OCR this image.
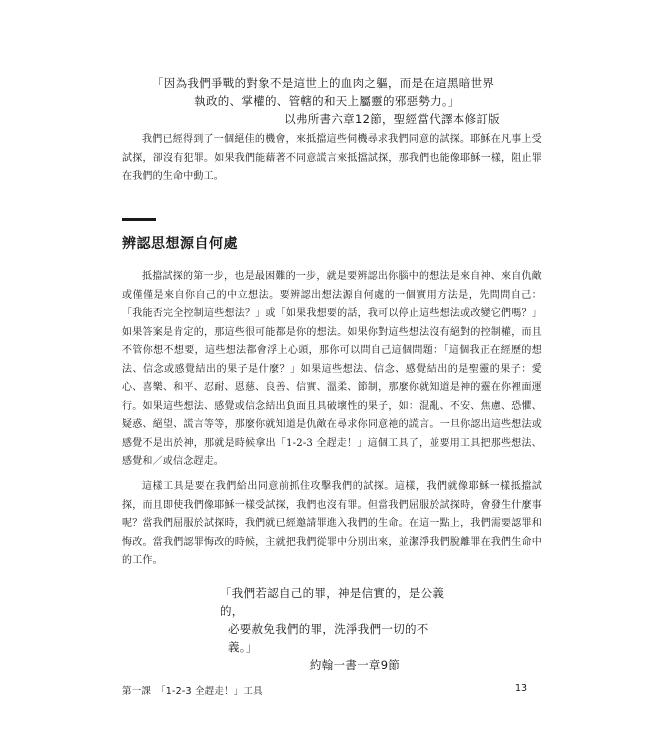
「因為我們爭戰的對象不是這世上的血肉之軀，而是在這黑暗世界
執政的、掌權的、管轄的和天上屬靈的邪惡勢力。」
以弗所書六章12節，聖經當代譯本修訂版

我們已經得到了一個絕佳的機會，來抵擋這些伺機尋求我們同意的試探。耶穌在凡事上受試探，卻沒有犯罪。如果我們能藉著不同意謊言來抵擋試探，那我們也能像耶穌一樣，阻止罪在我們的生命中動工。

辨認思想源自何處

抵擋試探的第一步，也是最困難的一步，就是要辨認出你腦中的想法是來自神、來自仇敵或僅僅是來自你自己的中立想法。要辨認出想法源自何處的一個實用方法是，先問問自己：「我能否完全控制這些想法？」或「如果我想要的話，我可以停止這些想法或改變它們嗎？」如果答案是肯定的，那這些很可能都是你的想法。如果你對這些想法沒有絕對的控制權，而且不管你想不想要，這些想法都會浮上心頭，那你可以問自己這個問題：「這個我正在經歷的想法、信念或感覺結出的果子是什麼？」如果這些想法、信念、感覺結出的是聖靈的果子：愛心、喜樂、和平、忍耐、恩慈、良善、信實、溫柔、節制，那麼你就知道是神的靈在你裡面運行。如果這些想法、感覺或信念結出負面且具破壞性的果子，如：混亂、不安、焦慮、恐懼、疑惑、絕望、謊言等等，那麼你就知道是仇敵在尋求你同意祂的謊言。一旦你認出這些想法或感覺不是出於神，那就是時候拿出「1-2-3 全趕走！」這個工具了，並要用工具把那些想法、感覺和／或信念趕走。

這樣工具是要在我們給出同意前抓住攻擊我們的試探。這樣，我們就像耶穌一樣抵擋試探，而且即使我們像耶穌一樣受試探，我們也沒有罪。但當我們屈服於試探時，會發生什麼事呢？當我們屈服於試探時，我們就已經邀請罪進入我們的生命。在這一點上，我們需要認罪和悔改。當我們認罪悔改的時候，主就把我們從罪中分別出來，並潔淨我們脫離罪在我們生命中的工作。

「我們若認自己的罪，神是信實的，是公義的，
必要赦免我們的罪，洗淨我們一切的不義。」
約翰一書一章9節
第一課　「1-2-3 全趕走！」工具	13
